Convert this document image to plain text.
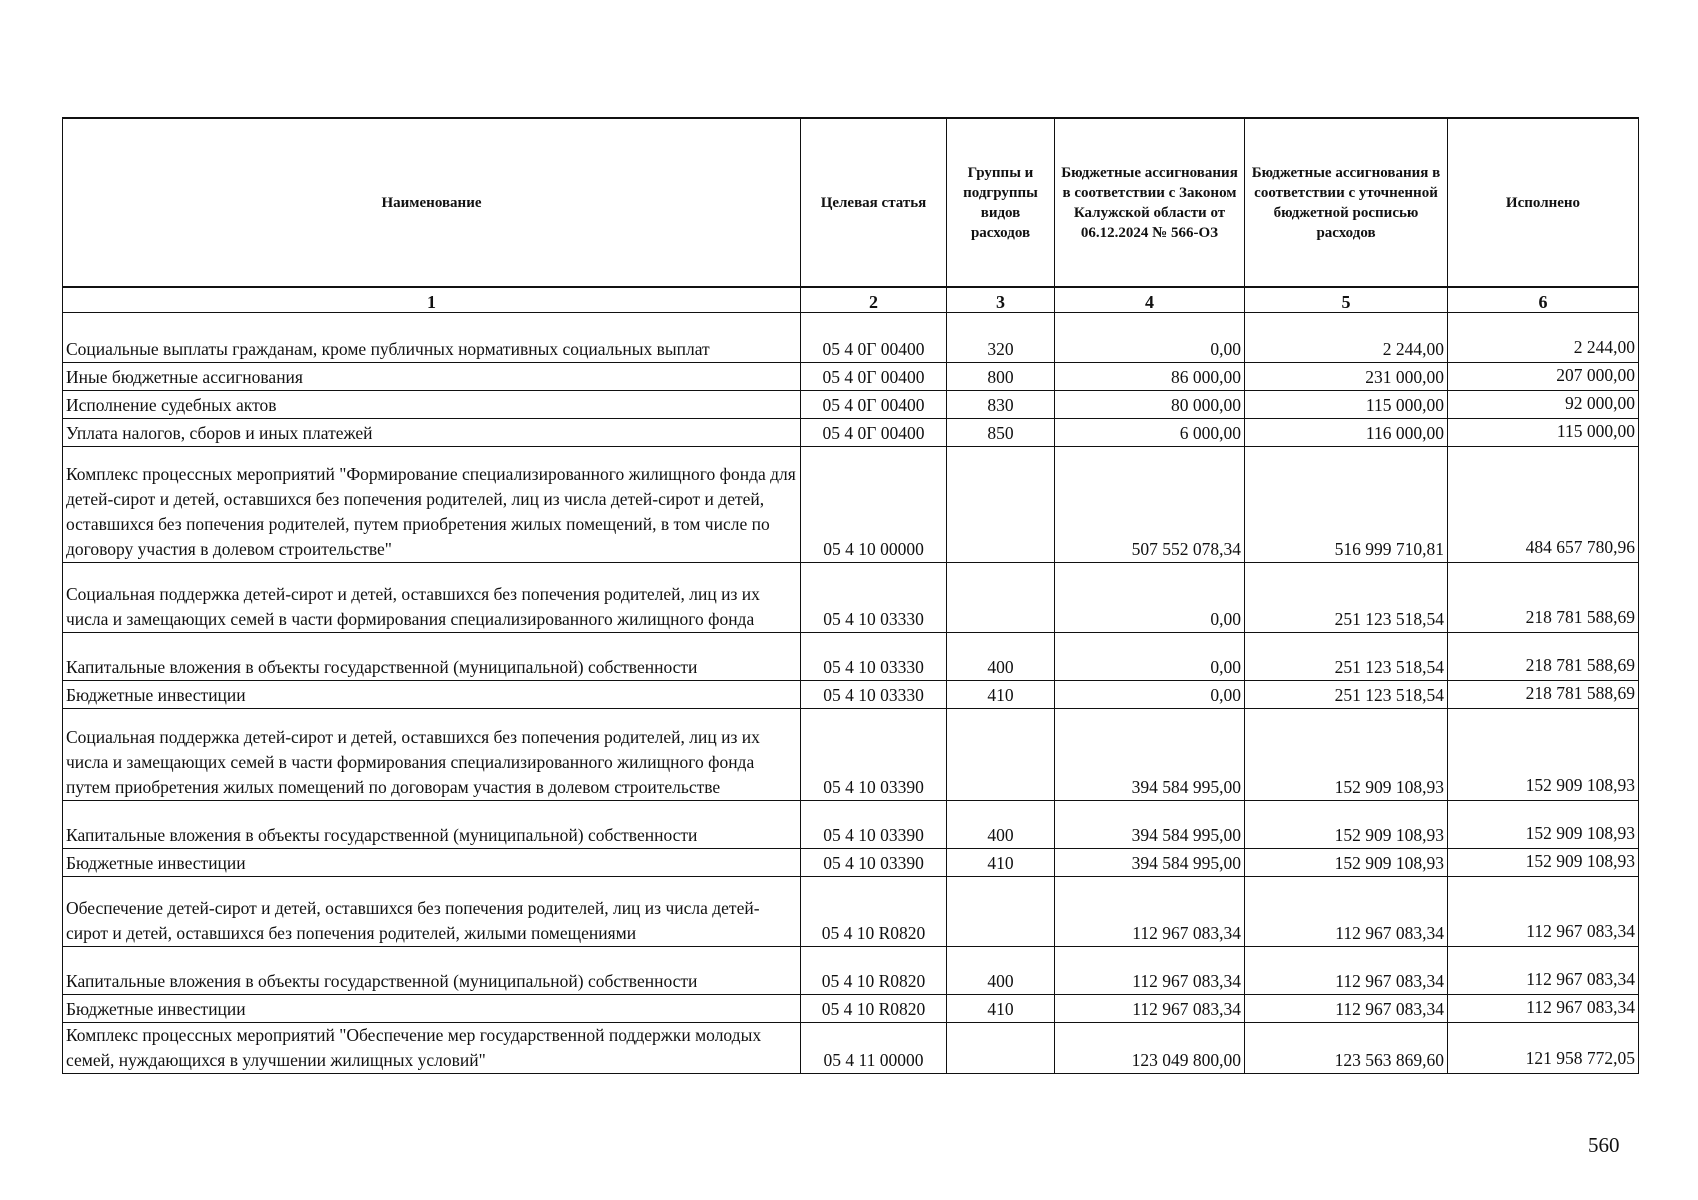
Наименование	Целевая статья	Группы и подгруппы видов расходов	Бюджетные ассигнования в соответствии с Законом Калужской области от 06.12.2024 № 566-ОЗ	Бюджетные ассигнования в соответствии с уточненной бюджетной росписью расходов	Исполнено
1	2	3	4	5	6
Социальные выплаты гражданам, кроме публичных нормативных социальных выплат	05 4 0Г 00400	320	0,00	2 244,00	2 244,00
Иные бюджетные ассигнования	05 4 0Г 00400	800	86 000,00	231 000,00	207 000,00
Исполнение судебных актов	05 4 0Г 00400	830	80 000,00	115 000,00	92 000,00
Уплата налогов, сборов и иных платежей	05 4 0Г 00400	850	6 000,00	116 000,00	115 000,00
Комплекс процессных мероприятий "Формирование специализированного жилищного фонда для детей-сирот и детей, оставшихся без попечения родителей, лиц из числа детей-сирот и детей, оставшихся без попечения родителей, путем приобретения жилых помещений, в том числе по договору участия в долевом строительстве"	05 4 10 00000		507 552 078,34	516 999 710,81	484 657 780,96
Социальная поддержка детей-сирот и детей, оставшихся без попечения родителей, лиц из их числа и замещающих семей в части формирования специализированного жилищного фонда	05 4 10 03330		0,00	251 123 518,54	218 781 588,69
Капитальные вложения в объекты государственной (муниципальной) собственности	05 4 10 03330	400	0,00	251 123 518,54	218 781 588,69
Бюджетные инвестиции	05 4 10 03330	410	0,00	251 123 518,54	218 781 588,69
Социальная поддержка детей-сирот и детей, оставшихся без попечения родителей, лиц из их числа и замещающих семей в части формирования специализированного жилищного фонда путем приобретения жилых помещений по договорам участия в долевом строительстве	05 4 10 03390		394 584 995,00	152 909 108,93	152 909 108,93
Капитальные вложения в объекты государственной (муниципальной) собственности	05 4 10 03390	400	394 584 995,00	152 909 108,93	152 909 108,93
Бюджетные инвестиции	05 4 10 03390	410	394 584 995,00	152 909 108,93	152 909 108,93
Обеспечение детей-сирот и детей, оставшихся без попечения родителей, лиц из числа детей-сирот и детей, оставшихся без попечения родителей, жилыми помещениями	05 4 10 R0820		112 967 083,34	112 967 083,34	112 967 083,34
Капитальные вложения в объекты государственной (муниципальной) собственности	05 4 10 R0820	400	112 967 083,34	112 967 083,34	112 967 083,34
Бюджетные инвестиции	05 4 10 R0820	410	112 967 083,34	112 967 083,34	112 967 083,34
Комплекс процессных мероприятий "Обеспечение мер государственной поддержки молодых семей, нуждающихся в улучшении жилищных условий"	05 4 11 00000		123 049 800,00	123 563 869,60	121 958 772,05
560
